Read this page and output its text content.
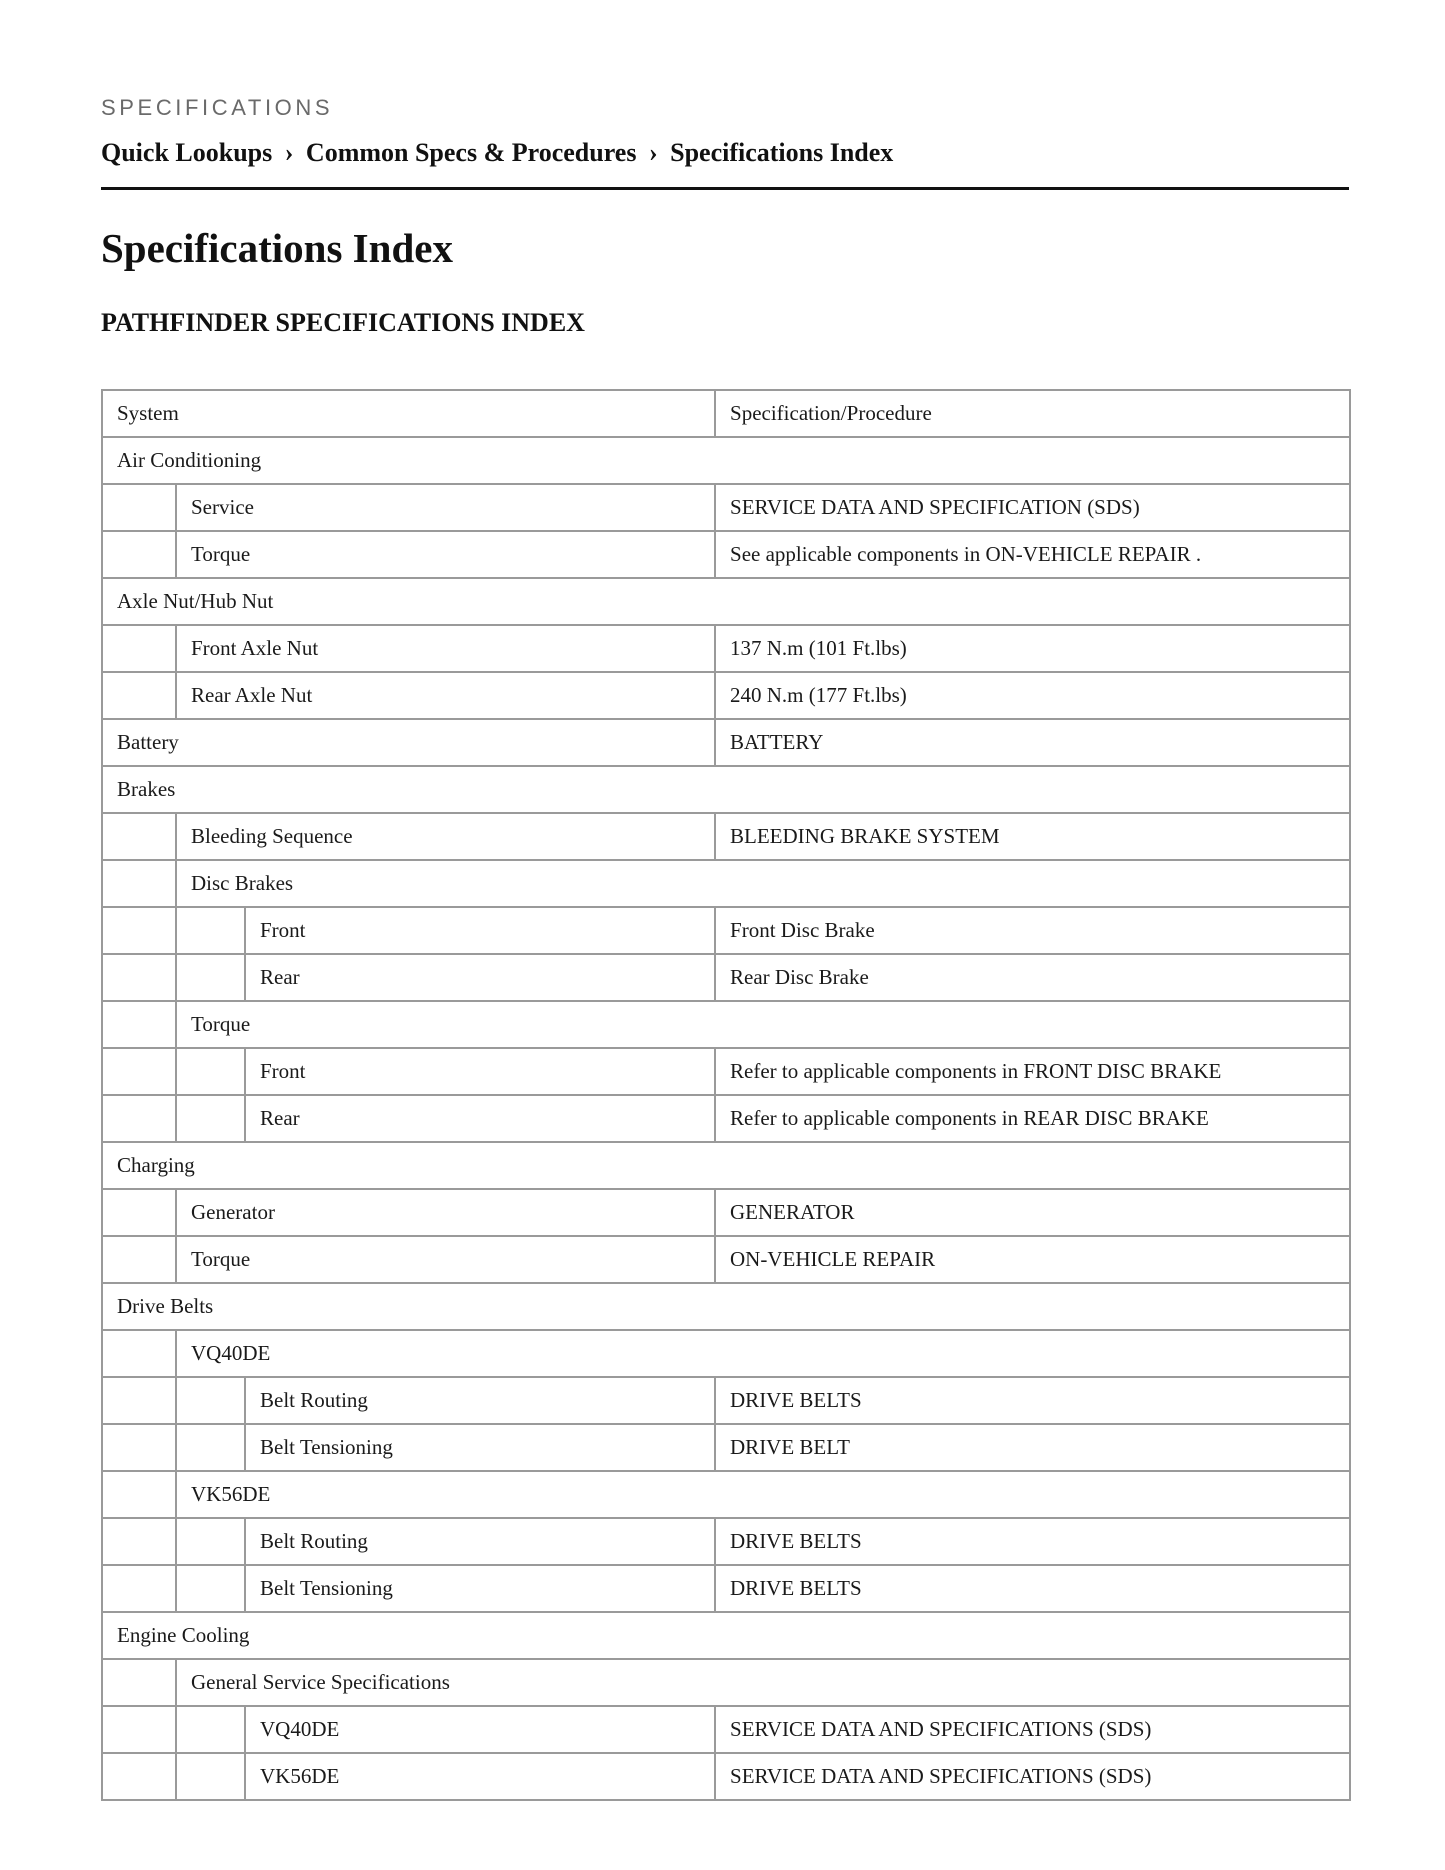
SPECIFICATIONS
Quick Lookups › Common Specs & Procedures › Specifications Index
Specifications Index
PATHFINDER SPECIFICATIONS INDEX
System			Specification/Procedure
Air Conditioning			
	Service		SERVICE DATA AND SPECIFICATION (SDS)
	Torque		See applicable components in ON-VEHICLE REPAIR .
Axle Nut/Hub Nut			
	Front Axle Nut		137 N.m (101 Ft.lbs)
	Rear Axle Nut		240 N.m (177 Ft.lbs)
Battery			BATTERY
Brakes			
	Bleeding Sequence		BLEEDING BRAKE SYSTEM
	Disc Brakes		
		Front	Front Disc Brake
		Rear	Rear Disc Brake
	Torque		
		Front	Refer to applicable components in FRONT DISC BRAKE
		Rear	Refer to applicable components in REAR DISC BRAKE
Charging			
	Generator		GENERATOR
	Torque		ON-VEHICLE REPAIR
Drive Belts			
	VQ40DE		
		Belt Routing	DRIVE BELTS
		Belt Tensioning	DRIVE BELT
	VK56DE		
		Belt Routing	DRIVE BELTS
		Belt Tensioning	DRIVE BELTS
Engine Cooling			
	General Service Specifications		
		VQ40DE	SERVICE DATA AND SPECIFICATIONS (SDS)
		VK56DE	SERVICE DATA AND SPECIFICATIONS (SDS)
